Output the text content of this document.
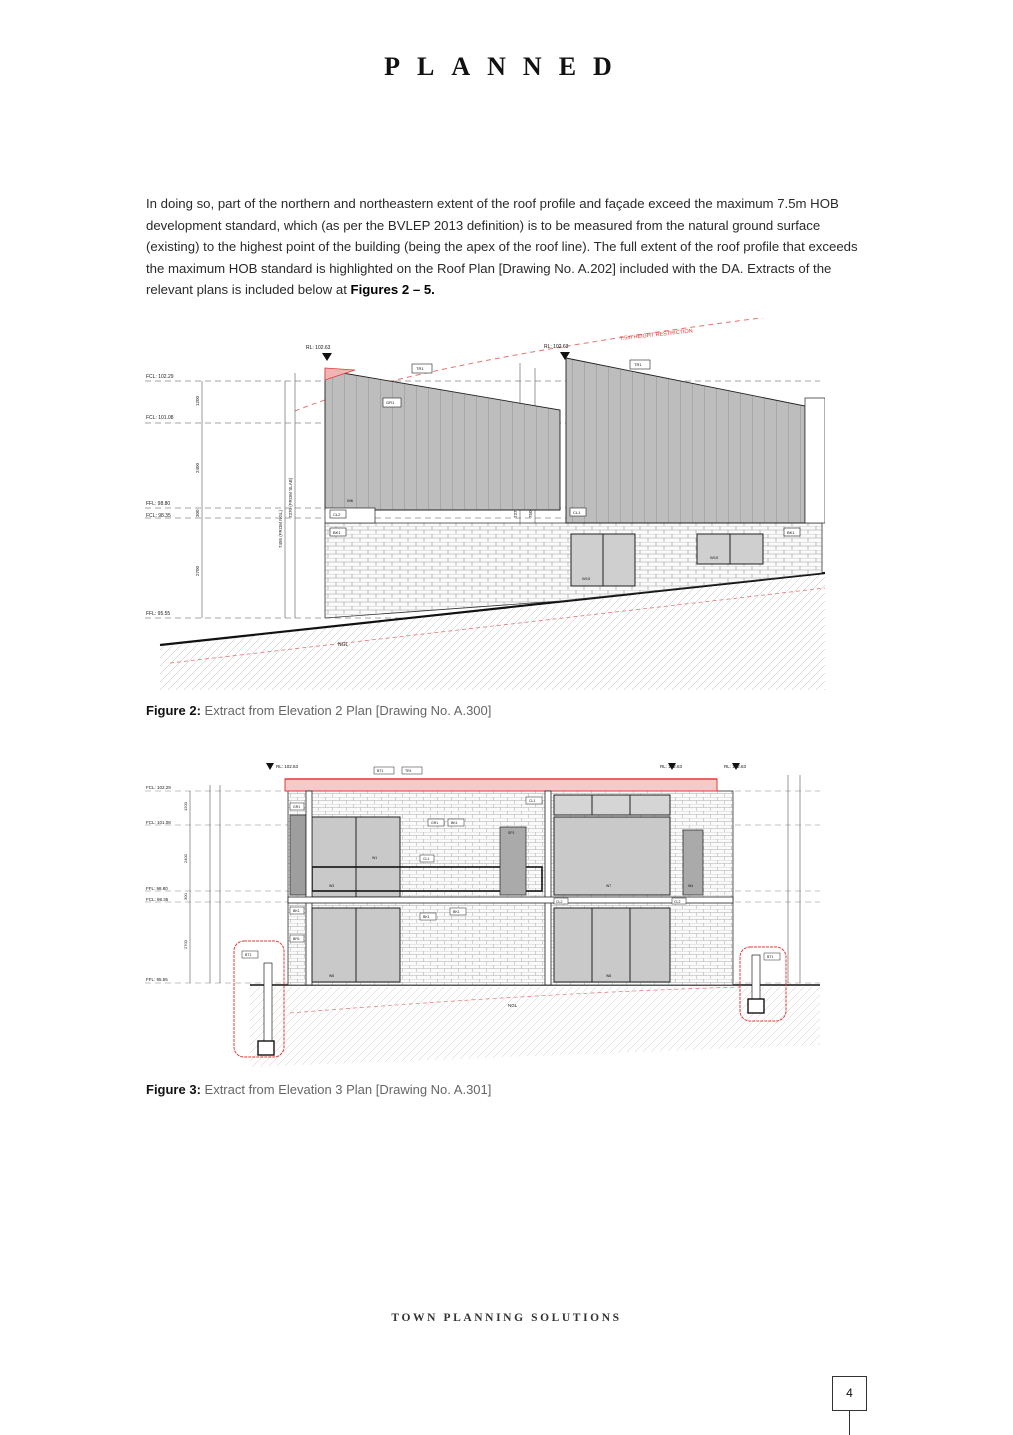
PLANNED
In doing so, part of the northern and northeastern extent of the roof profile and façade exceed the maximum 7.5m HOB development standard, which (as per the BVLEP 2013 definition) is to be measured from the natural ground surface (existing) to the highest point of the building (being the apex of the roof line). The full extent of the roof profile that exceeds the maximum HOB standard is highlighted on the Roof Plan [Drawing No. A.202] included with the DA. Extracts of the relevant plans is included below at Figures 2 – 5.
7.5m HEIGHT RESTRICTION
FCL: 102.29
FCL: 101.08
FFL: 98.80
FCL: 98.35
FFL: 95.55
1200
2400
300
2700
7495 (FROM NGL)
7370 (FROM SLAB)
NGL
RL: 102.63	RL: 102.63
TR1
TR1
GR1
W6
CL2
BK1
CL1
W10
W10
BK1
Figure 2: Extract from Elevation 2 Plan [Drawing No. A.300]
FCL: 102.29
FCL: 101.08
FFL: 98.80
FCL: 98.35
FFL: 95.55
1200
2400
300
2700
NGL
RL: 102.63	RL: 102.63	RL: 102.63
BT1	TR1
CL1
GR1	BK1
CL1
W1
W3
SP1
W7
BK1
BK1
BK1
CL2	CL2
BT1	BT1
W5	W8
BR1
GR1
W4
Figure 3: Extract from Elevation 3 Plan [Drawing No. A.301]
TOWN PLANNING SOLUTIONS
4
